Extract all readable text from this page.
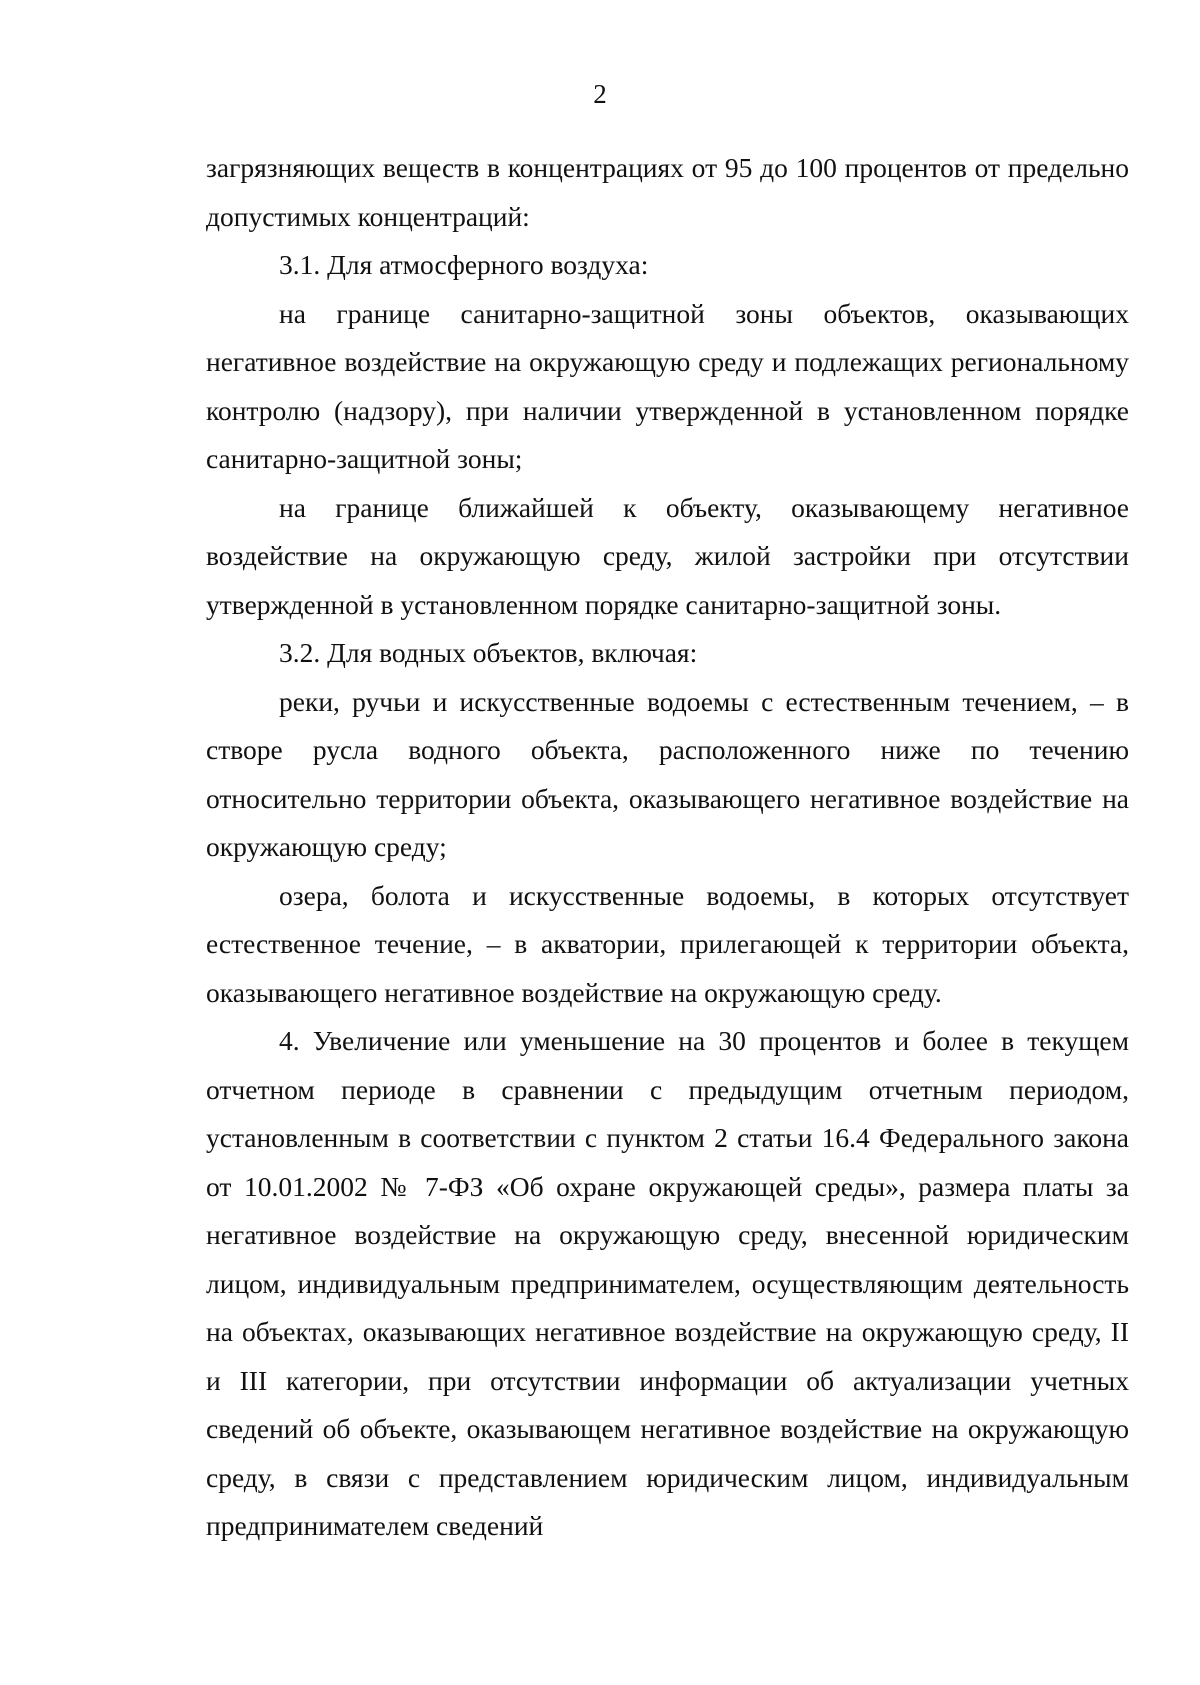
2

загрязняющих веществ в концентрациях от 95 до 100 процентов от предельно допустимых концентраций:

3.1. Для атмосферного воздуха:

на границе санитарно-защитной зоны объектов, оказывающих негативное воздействие на окружающую среду и подлежащих региональному контролю (надзору), при наличии утвержденной в установленном порядке санитарно-защитной зоны;

на границе ближайшей к объекту, оказывающему негативное воздействие на окружающую среду, жилой застройки при отсутствии утвержденной в установленном порядке санитарно-защитной зоны.

3.2. Для водных объектов, включая:

реки, ручьи и искусственные водоемы с естественным течением, – в створе русла водного объекта, расположенного ниже по течению относительно территории объекта, оказывающего негативное воздействие на окружающую среду;

озера, болота и искусственные водоемы, в которых отсутствует естественное течение, – в акватории, прилегающей к территории объекта, оказывающего негативное воздействие на окружающую среду.

4. Увеличение или уменьшение на 30 процентов и более в текущем отчетном периоде в сравнении с предыдущим отчетным периодом, установленным в соответствии с пунктом 2 статьи 16.4 Федерального закона от 10.01.2002 № 7-ФЗ «Об охране окружающей среды», размера платы за негативное воздействие на окружающую среду, внесенной юридическим лицом, индивидуальным предпринимателем, осуществляющим деятельность на объектах, оказывающих негативное воздействие на окружающую среду, II и III категории, при отсутствии информации об актуализации учетных сведений об объекте, оказывающем негативное воздействие на окружающую среду, в связи с представлением юридическим лицом, индивидуальным предпринимателем сведений
